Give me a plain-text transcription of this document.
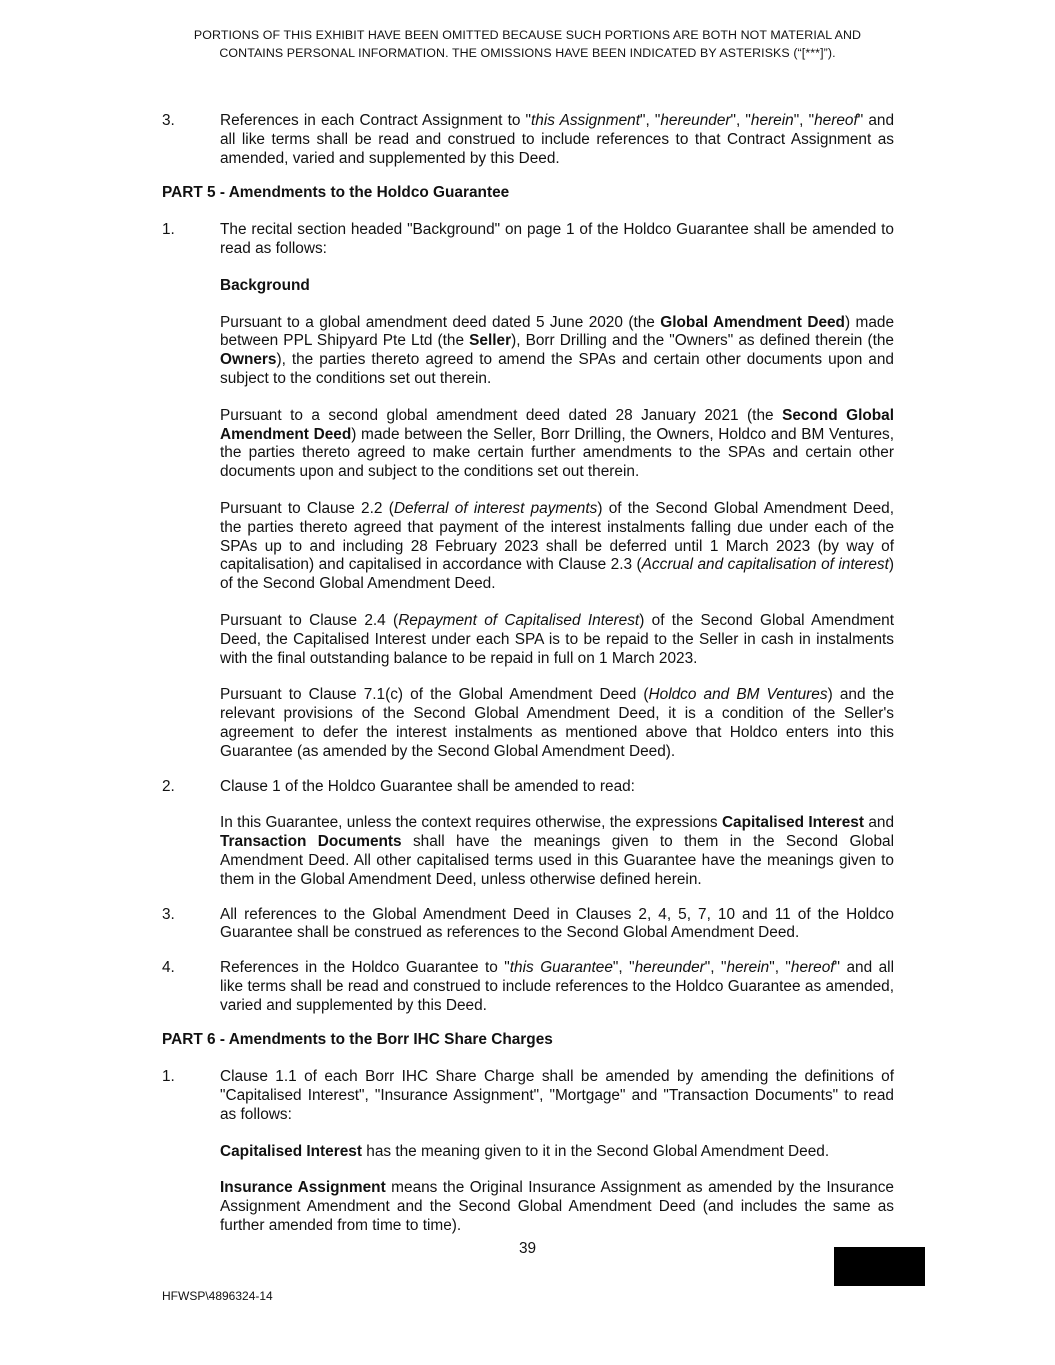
PORTIONS OF THIS EXHIBIT HAVE BEEN OMITTED BECAUSE SUCH PORTIONS ARE BOTH NOT MATERIAL AND
CONTAINS PERSONAL INFORMATION. THE OMISSIONS HAVE BEEN INDICATED BY ASTERISKS (“[***]”).
3.	References in each Contract Assignment to "this Assignment", "hereunder", "herein", "hereof" and all like terms shall be read and construed to include references to that Contract Assignment as amended, varied and supplemented by this Deed.
PART 5 - Amendments to the Holdco Guarantee
1.	The recital section headed "Background" on page 1 of the Holdco Guarantee shall be amended to read as follows:

Background

Pursuant to a global amendment deed dated 5 June 2020 (the Global Amendment Deed) made between PPL Shipyard Pte Ltd (the Seller), Borr Drilling and the "Owners" as defined therein (the Owners), the parties thereto agreed to amend the SPAs and certain other documents upon and subject to the conditions set out therein.

Pursuant to a second global amendment deed dated 28 January 2021 (the Second Global Amendment Deed) made between the Seller, Borr Drilling, the Owners, Holdco and BM Ventures, the parties thereto agreed to make certain further amendments to the SPAs and certain other documents upon and subject to the conditions set out therein.

Pursuant to Clause 2.2 (Deferral of interest payments) of the Second Global Amendment Deed, the parties thereto agreed that payment of the interest instalments falling due under each of the SPAs up to and including 28 February 2023 shall be deferred until 1 March 2023 (by way of capitalisation) and capitalised in accordance with Clause 2.3 (Accrual and capitalisation of interest) of the Second Global Amendment Deed.

Pursuant to Clause 2.4 (Repayment of Capitalised Interest) of the Second Global Amendment Deed, the Capitalised Interest under each SPA is to be repaid to the Seller in cash in instalments with the final outstanding balance to be repaid in full on 1 March 2023.

Pursuant to Clause 7.1(c) of the Global Amendment Deed (Holdco and BM Ventures) and the relevant provisions of the Second Global Amendment Deed, it is a condition of the Seller's agreement to defer the interest instalments as mentioned above that Holdco enters into this Guarantee (as amended by the Second Global Amendment Deed).

2.	Clause 1 of the Holdco Guarantee shall be amended to read:

In this Guarantee, unless the context requires otherwise, the expressions Capitalised Interest and Transaction Documents shall have the meanings given to them in the Second Global Amendment Deed. All other capitalised terms used in this Guarantee have the meanings given to them in the Global Amendment Deed, unless otherwise defined herein.

3.	All references to the Global Amendment Deed in Clauses 2, 4, 5, 7, 10 and 11 of the Holdco Guarantee shall be construed as references to the Second Global Amendment Deed.
4.	References in the Holdco Guarantee to "this Guarantee", "hereunder", "herein", "hereof" and all like terms shall be read and construed to include references to the Holdco Guarantee as amended, varied and supplemented by this Deed.
PART 6 - Amendments to the Borr IHC Share Charges
1.	Clause 1.1 of each Borr IHC Share Charge shall be amended by amending the definitions of "Capitalised Interest", "Insurance Assignment", "Mortgage" and "Transaction Documents" to read as follows:

Capitalised Interest has the meaning given to it in the Second Global Amendment Deed.

Insurance Assignment means the Original Insurance Assignment as amended by the Insurance Assignment Amendment and the Second Global Amendment Deed (and includes the same as further amended from time to time).

39
HFWSP\4896324-14
